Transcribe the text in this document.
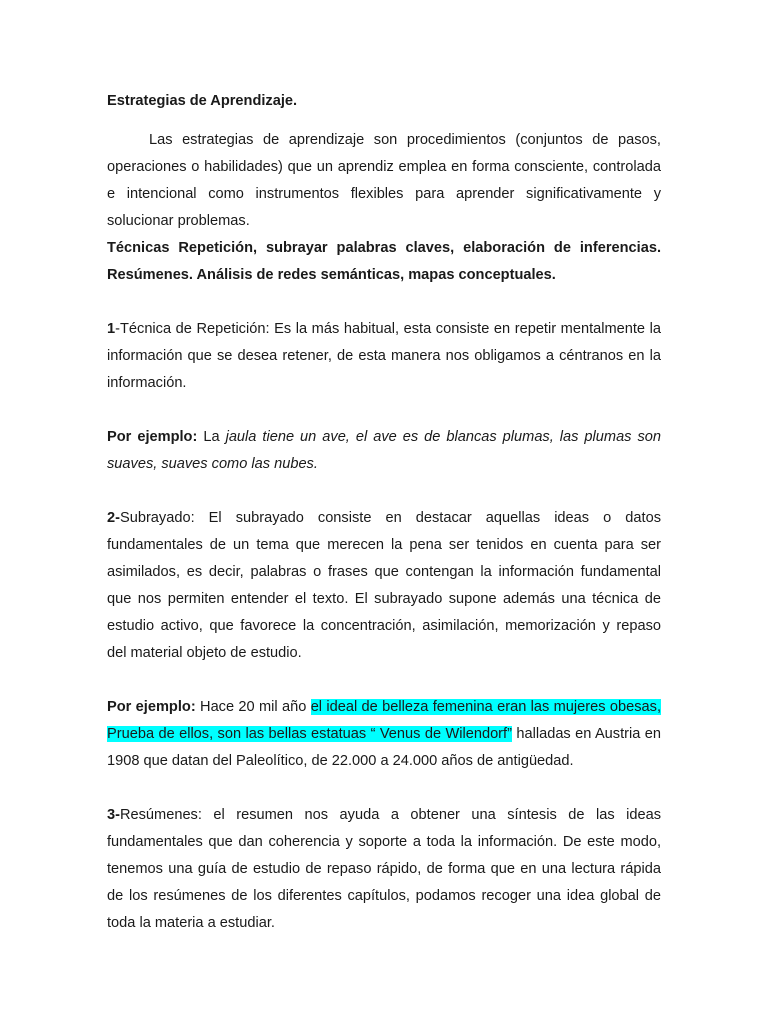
Estrategias de Aprendizaje.

Las estrategias de aprendizaje son procedimientos (conjuntos de pasos, operaciones o habilidades) que un aprendiz emplea en forma consciente, controlada e intencional como instrumentos flexibles para aprender significativamente y solucionar problemas.

Técnicas Repetición, subrayar palabras claves, elaboración de inferencias. Resúmenes. Análisis de redes semánticas, mapas conceptuales.

1-Técnica de Repetición: Es la más habitual, esta consiste en repetir mentalmente la información que se desea retener, de esta manera nos obligamos a céntranos en la información.

Por ejemplo: La jaula tiene un ave, el ave es de blancas plumas, las plumas son suaves, suaves como las nubes.

2-Subrayado: El subrayado consiste en destacar aquellas ideas o datos fundamentales de un tema que merecen la pena ser tenidos en cuenta para ser asimilados, es decir, palabras o frases que contengan la información fundamental que nos permiten entender el texto. El subrayado supone además una técnica de estudio activo, que favorece la concentración, asimilación, memorización y repaso del material objeto de estudio.

Por ejemplo: Hace 20 mil año el ideal de belleza femenina eran las mujeres obesas, Prueba de ellos, son las bellas estatuas “ Venus de Wilendorf” halladas en Austria en 1908 que datan del Paleolítico, de 22.000 a 24.000 años de antigüedad.

3-Resúmenes: el resumen nos ayuda a obtener una síntesis de las ideas fundamentales que dan coherencia y soporte a toda la información. De este modo, tenemos una guía de estudio de repaso rápido, de forma que en una lectura rápida de los resúmenes de los diferentes capítulos, podamos recoger una idea global de toda la materia a estudiar.
